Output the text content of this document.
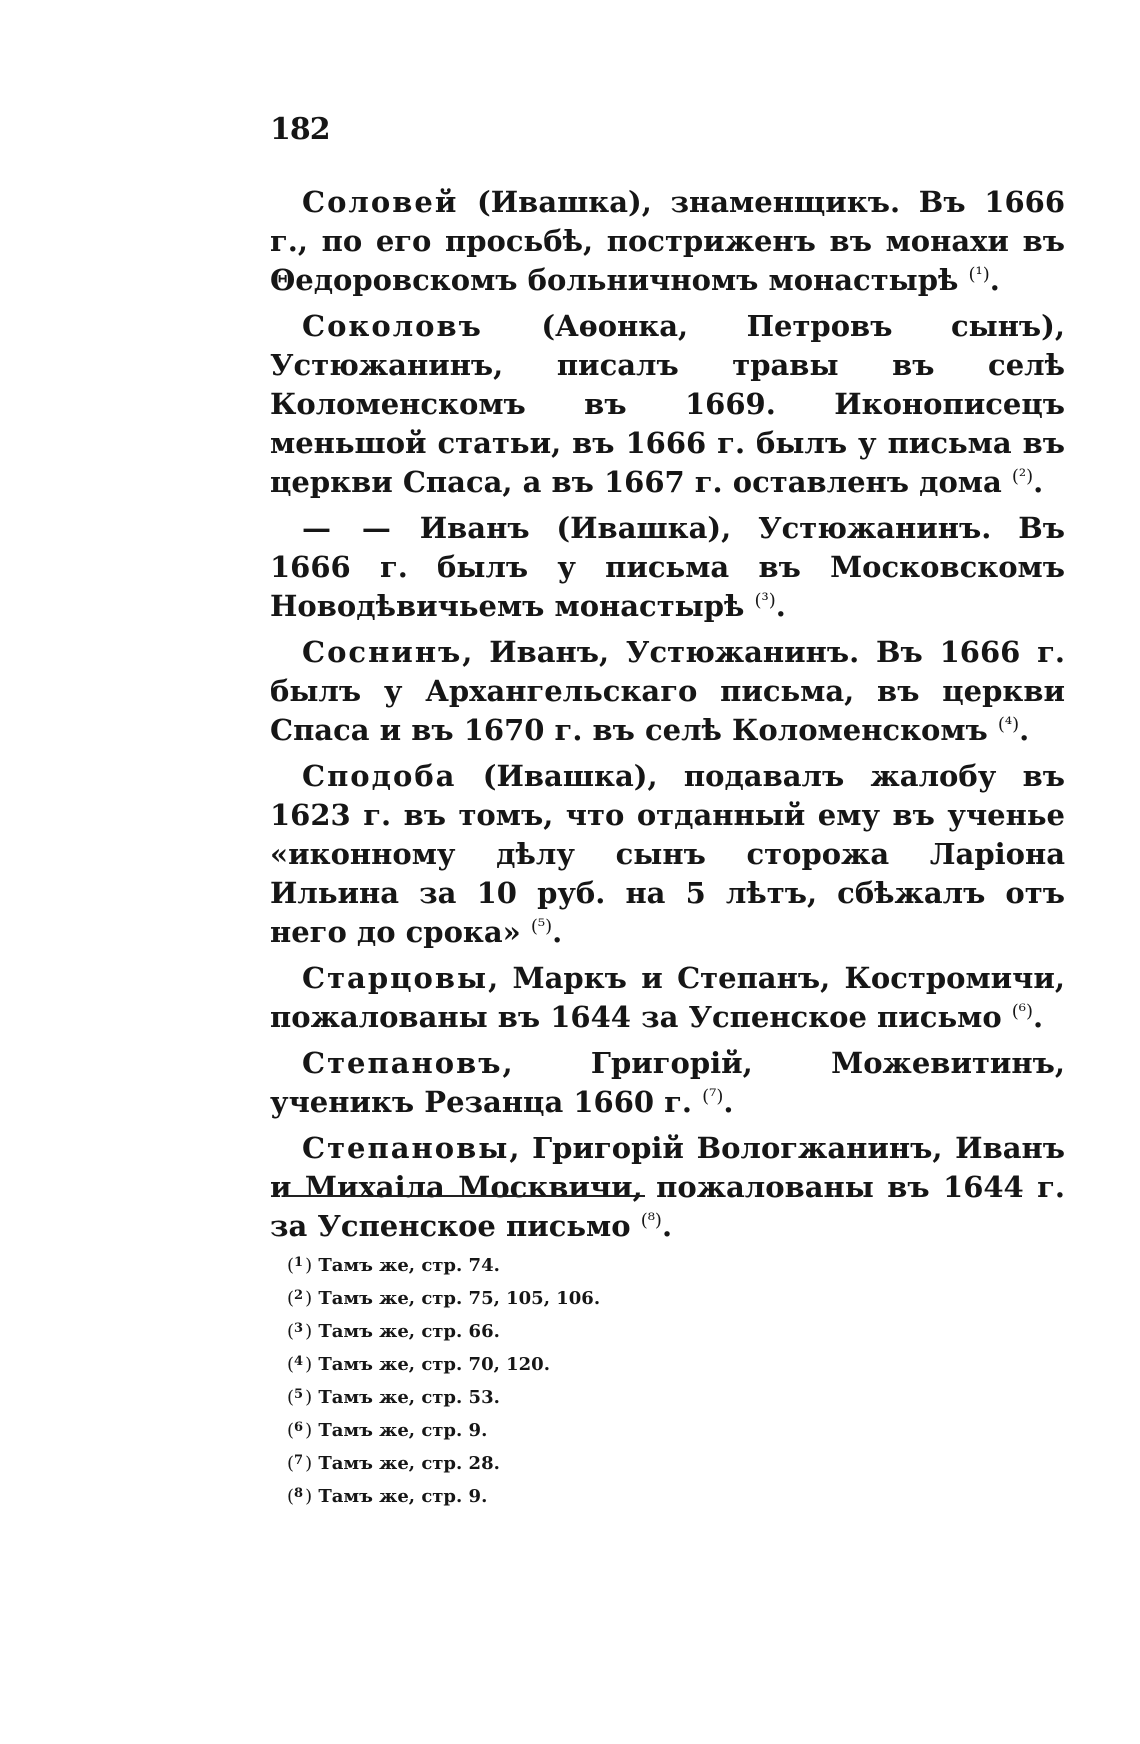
182

Соловей (Ивашка), знаменщикъ. Въ 1666 г., по его просьбѣ, постриженъ въ монахи въ Θедоровскомъ больничномъ монастырѣ $^{(^1)}$.

Соколовъ (Аѳонка, Петровъ сынъ), Устюжанинъ, писалъ травы въ селѣ Коломенскомъ въ 1669. Иконописецъ меньшой статьи, въ 1666 г. былъ у письма въ церкви Спаса, а въ 1667 г. оставленъ дома $^{(^2)}$.

— — Иванъ (Ивашка), Устюжанинъ. Въ 1666 г. былъ у письма въ Московскомъ Новодѣвичьемъ монастырѣ $^{(^3)}$.

Соснинъ, Иванъ, Устюжанинъ. Въ 1666 г. былъ у Архангельскаго письма, въ церкви Спаса и въ 1670 г. въ селѣ Коломенскомъ $^{(^4)}$.

Сподоба (Ивашка), подавалъ жалобу въ 1623 г. въ томъ, что отданный ему въ ученье «иконному дѣлу сынъ сторожа Ларіона Ильина за 10 руб. на 5 лѣтъ, сбѣжалъ отъ него до срока» $^{(^5)}$.

Старцовы, Маркъ и Степанъ, Костромичи, пожалованы въ 1644 за Успенское письмо $^{(^6)}$.

Степановъ, Григорій, Можевитинъ, ученикъ Резанца 1660 г. $^{(^7)}$.

Степановы, Григорій Вологжанинъ, Иванъ и Михаіла Москвичи, пожалованы въ 1644 г. за Успенское письмо $^{(^8)}$.

($^1$ ) Тамъ же, стр. 74.
($^2$ ) Тамъ же, стр. 75, 105, 106.
($^3$ ) Тамъ же, стр. 66.
($^4$ ) Тамъ же, стр. 70, 120.
($^5$ ) Тамъ же, стр. 53.
($^6$ ) Тамъ же, стр. 9.
($^7$ ) Тамъ же, стр. 28.
($^8$ ) Тамъ же, стр. 9.
